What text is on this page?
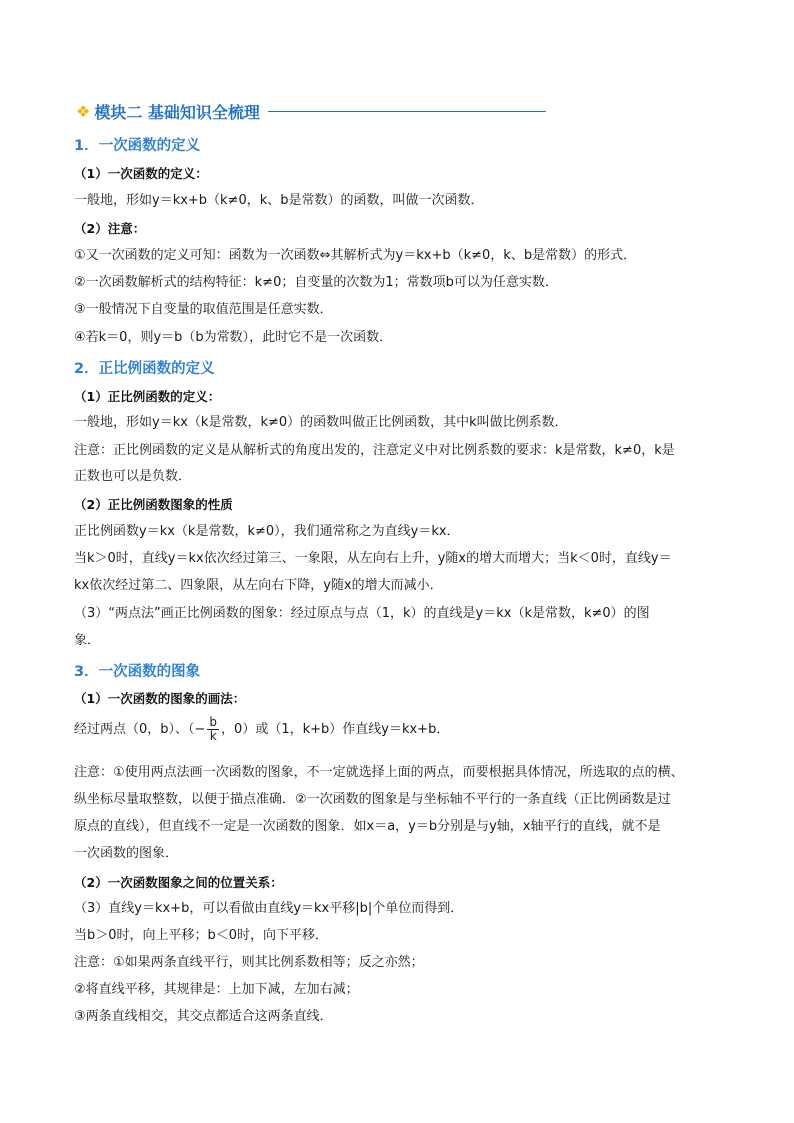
❖ 模块二 基础知识全梳理
1．一次函数的定义
（1）一次函数的定义：
一般地，形如y＝kx+b（k≠0，k、b是常数）的函数，叫做一次函数．
（2）注意：
①又一次函数的定义可知：函数为一次函数⇔其解析式为y＝kx+b（k≠0，k、b是常数）的形式．
②一次函数解析式的结构特征：k≠0；自变量的次数为1；常数项b可以为任意实数．
③一般情况下自变量的取值范围是任意实数．
④若k＝0，则y＝b（b为常数），此时它不是一次函数．
2．正比例函数的定义
（1）正比例函数的定义：
一般地，形如y＝kx（k是常数，k≠0）的函数叫做正比例函数，其中k叫做比例系数．
注意：正比例函数的定义是从解析式的角度出发的，注意定义中对比例系数的要求：k是常数，k≠0，k是
正数也可以是负数．
（2）正比例函数图象的性质
正比例函数y＝kx（k是常数，k≠0），我们通常称之为直线y＝kx．
当k＞0时，直线y＝kx依次经过第三、一象限，从左向右上升，y随x的增大而增大；当k＜0时，直线y＝
kx依次经过第二、四象限，从左向右下降，y随x的增大而减小．
（3）“两点法”画正比例函数的图象：经过原点与点（1，k）的直线是y＝kx（k是常数，k≠0）的图
象．
3．一次函数的图象
（1）一次函数的图象的画法：
经过两点（0，b）、（− $\frac{b}{k}$ ，0）或（1，k+b）作直线y＝kx+b．
注意：①使用两点法画一次函数的图象，不一定就选择上面的两点，而要根据具体情况，所选取的点的横、
纵坐标尽量取整数，以便于描点准确．②一次函数的图象是与坐标轴不平行的一条直线（正比例函数是过
原点的直线），但直线不一定是一次函数的图象．如x＝a，y＝b分别是与y轴，x轴平行的直线，就不是
一次函数的图象．
（2）一次函数图象之间的位置关系：
（3）直线y＝kx+b，可以看做由直线y＝kx平移|b|个单位而得到．
当b＞0时，向上平移；b＜0时，向下平移．
注意：①如果两条直线平行，则其比例系数相等；反之亦然；
②将直线平移，其规律是：上加下减，左加右减；
③两条直线相交，其交点都适合这两条直线．
